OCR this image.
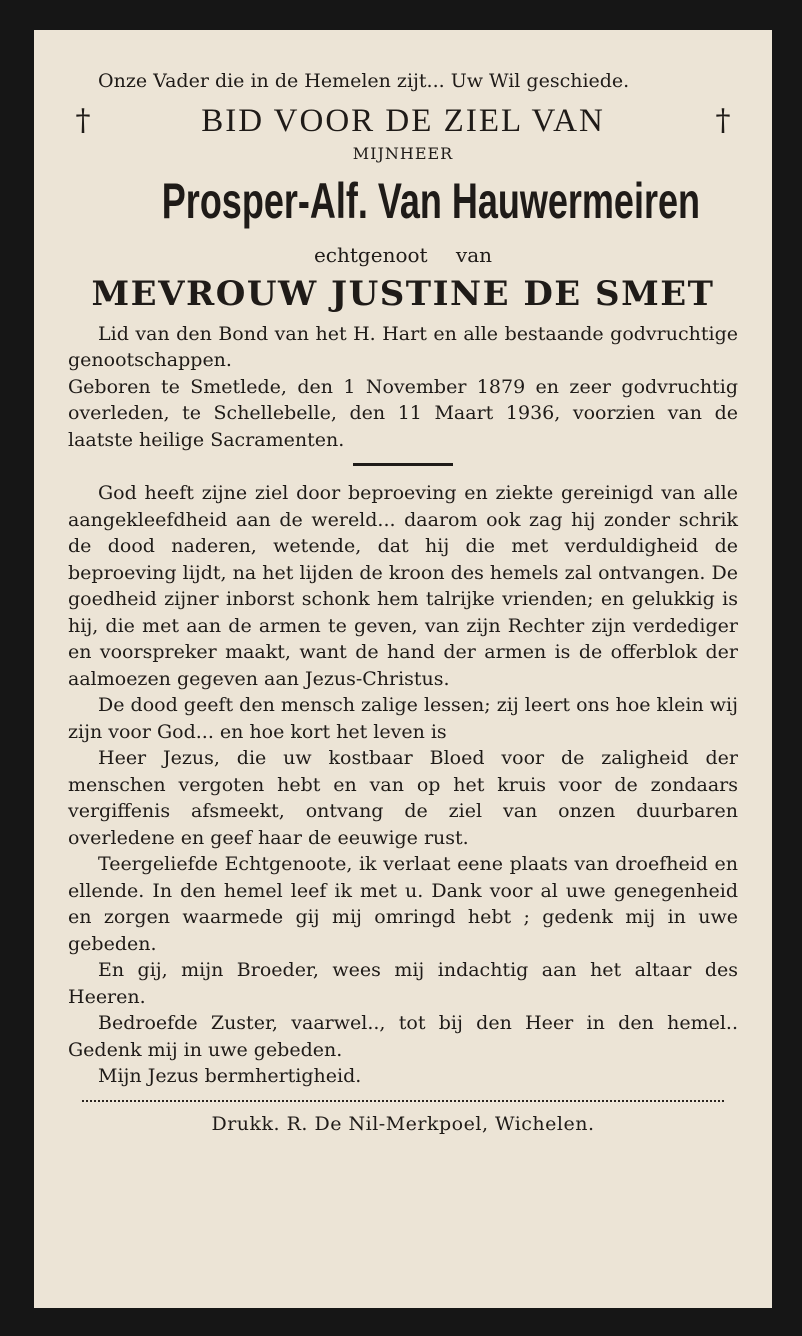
Onze Vader die in de Hemelen zijt... Uw Wil geschiede.

†	BID VOOR DE ZIEL VAN	†
MIJNHEER
Prosper-Alf. Van Hauwermeiren
echtgenoot van
MEVROUW JUSTINE DE SMET

Lid van den Bond van het H. Hart en alle bestaande godvruchtige genootschappen.

Geboren te Smetlede, den 1 November 1879 en zeer godvruchtig overleden, te Schellebelle, den 11 Maart 1936, voorzien van de laatste heilige Sacramenten.

God heeft zijne ziel door beproeving en ziekte gereinigd van alle aangekleefdheid aan de wereld... daarom ook zag hij zonder schrik de dood naderen, wetende, dat hij die met verduldigheid de beproeving lijdt, na het lijden de kroon des hemels zal ontvangen. De goedheid zijner inborst schonk hem talrijke vrienden; en gelukkig is hij, die met aan de armen te geven, van zijn Rechter zijn verdediger en voorspreker maakt, want de hand der armen is de offerblok der aalmoezen gegeven aan Jezus-Christus.

De dood geeft den mensch zalige lessen; zij leert ons hoe klein wij zijn voor God... en hoe kort het leven is

Heer Jezus, die uw kostbaar Bloed voor de zaligheid der menschen vergoten hebt en van op het kruis voor de zondaars vergiffenis afsmeekt, ontvang de ziel van onzen duurbaren overledene en geef haar de eeuwige rust.

Teergeliefde Echtgenoote, ik verlaat eene plaats van droefheid en ellende. In den hemel leef ik met u. Dank voor al uwe genegenheid en zorgen waarmede gij mij omringd hebt ; gedenk mij in uwe gebeden.

En gij, mijn Broeder, wees mij indachtig aan het altaar des Heeren.

Bedroefde Zuster, vaarwel.., tot bij den Heer in den hemel.. Gedenk mij in uwe gebeden.

Mijn Jezus bermhertigheid.

Drukk. R. De Nil-Merkpoel, Wichelen.
